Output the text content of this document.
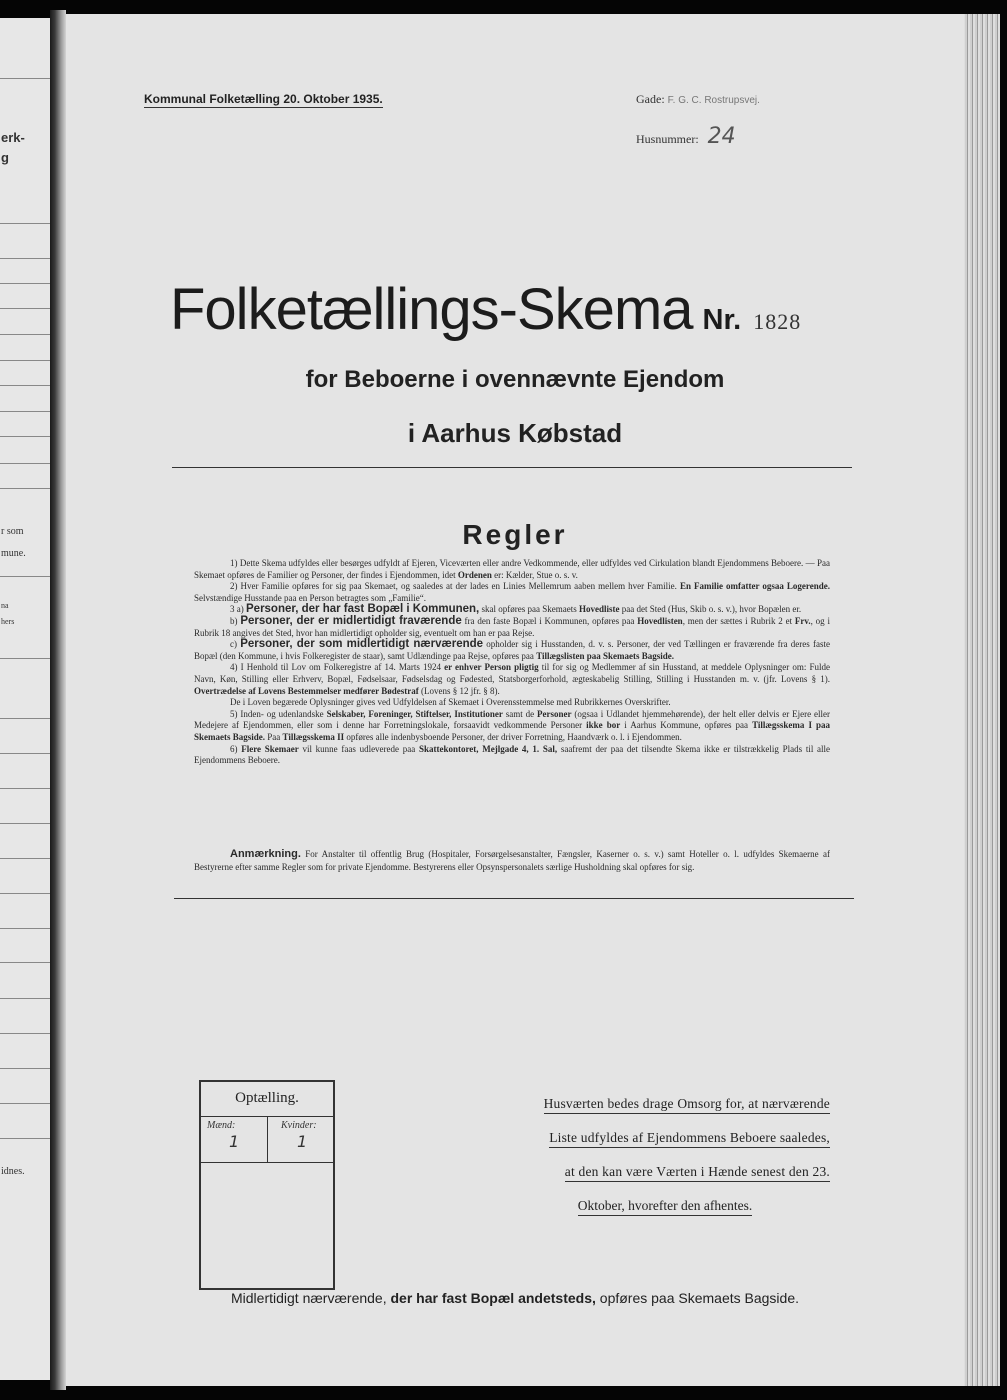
erk-
g
r som
mune.
na
hers
idnes.
Kommunal Folketælling 20. Oktober 1935.	Gade: F. G. C. Rostrupsvej.
Husnummer: 24
Folketællings-Skema Nr. 1828
for Beboerne i ovennævnte Ejendom
i Aarhus Købstad
Regler

1) Dette Skema udfyldes eller besørges udfyldt af Ejeren, Viceværten eller andre Vedkommende, eller udfyldes ved Cirkulation blandt Ejendommens Beboere. — Paa Skemaet opføres de Familier og Personer, der findes i Ejendommen, idet Ordenen er: Kælder, Stue o. s. v.

2) Hver Familie opføres for sig paa Skemaet, og saaledes at der lades en Linies Mellemrum aaben mellem hver Familie. En Familie omfatter ogsaa Logerende. Selvstændige Husstande paa en Person betragtes som „Familie“.

3 a) Personer, der har fast Bopæl i Kommunen, skal opføres paa Skemaets Hovedliste paa det Sted (Hus, Skib o. s. v.), hvor Bopælen er.

b) Personer, der er midlertidigt fraværende fra den faste Bopæl i Kommunen, opføres paa Hovedlisten, men der sættes i Rubrik 2 et Frv., og i Rubrik 18 angives det Sted, hvor han midlertidigt opholder sig, eventuelt om han er paa Rejse.

c) Personer, der som midlertidigt nærværende opholder sig i Husstanden, d. v. s. Personer, der ved Tællingen er fraværende fra deres faste Bopæl (den Kommune, i hvis Folkeregister de staar), samt Udlændinge paa Rejse, opføres paa Tillægslisten paa Skemaets Bagside.

4) I Henhold til Lov om Folkeregistre af 14. Marts 1924 er enhver Person pligtig til for sig og Medlemmer af sin Husstand, at meddele Oplysninger om: Fulde Navn, Køn, Stilling eller Erhverv, Bopæl, Fødselsaar, Fødselsdag og Fødested, Statsborgerforhold, ægteskabelig Stilling, Stilling i Husstanden m. v. (jfr. Lovens § 1). Overtrædelse af Lovens Bestemmelser medfører Bødestraf (Lovens § 12 jfr. § 8).

De i Loven begærede Oplysninger gives ved Udfyldelsen af Skemaet i Overensstemmelse med Rubrikkernes Overskrifter.

5) Inden- og udenlandske Selskaber, Foreninger, Stiftelser, Institutioner samt de Personer (ogsaa i Udlandet hjemmehørende), der helt eller delvis er Ejere eller Medejere af Ejendommen, eller som i denne har Forretningslokale, forsaavidt vedkommende Personer ikke bor i Aarhus Kommune, opføres paa Tillægsskema I paa Skemaets Bagside. Paa Tillægsskema II opføres alle indenbysboende Personer, der driver Forretning, Haandværk o. l. i Ejendommen.

6) Flere Skemaer vil kunne faas udleverede paa Skattekontoret, Mejlgade 4, 1. Sal, saafremt der paa det tilsendte Skema ikke er tilstrækkelig Plads til alle Ejendommens Beboere.

Anmærkning. For Anstalter til offentlig Brug (Hospitaler, Forsørgelsesanstalter, Fængsler, Kaserner o. s. v.) samt Hoteller o. l. udfyldes Skemaerne af Bestyrerne efter samme Regler som for private Ejendomme. Bestyrerens eller Opsynspersonalets særlige Husholdning skal opføres for sig.

Optælling.
Mænd:
1
Kvinder:
1
Husværten bedes drage Omsorg for, at nærværende
Liste udfyldes af Ejendommens Beboere saaledes,
at den kan være Værten i Hænde senest den 23.
Oktober, hvorefter den afhentes.
Midlertidigt nærværende, der har fast Bopæl andetsteds, opføres paa Skemaets Bagside.
